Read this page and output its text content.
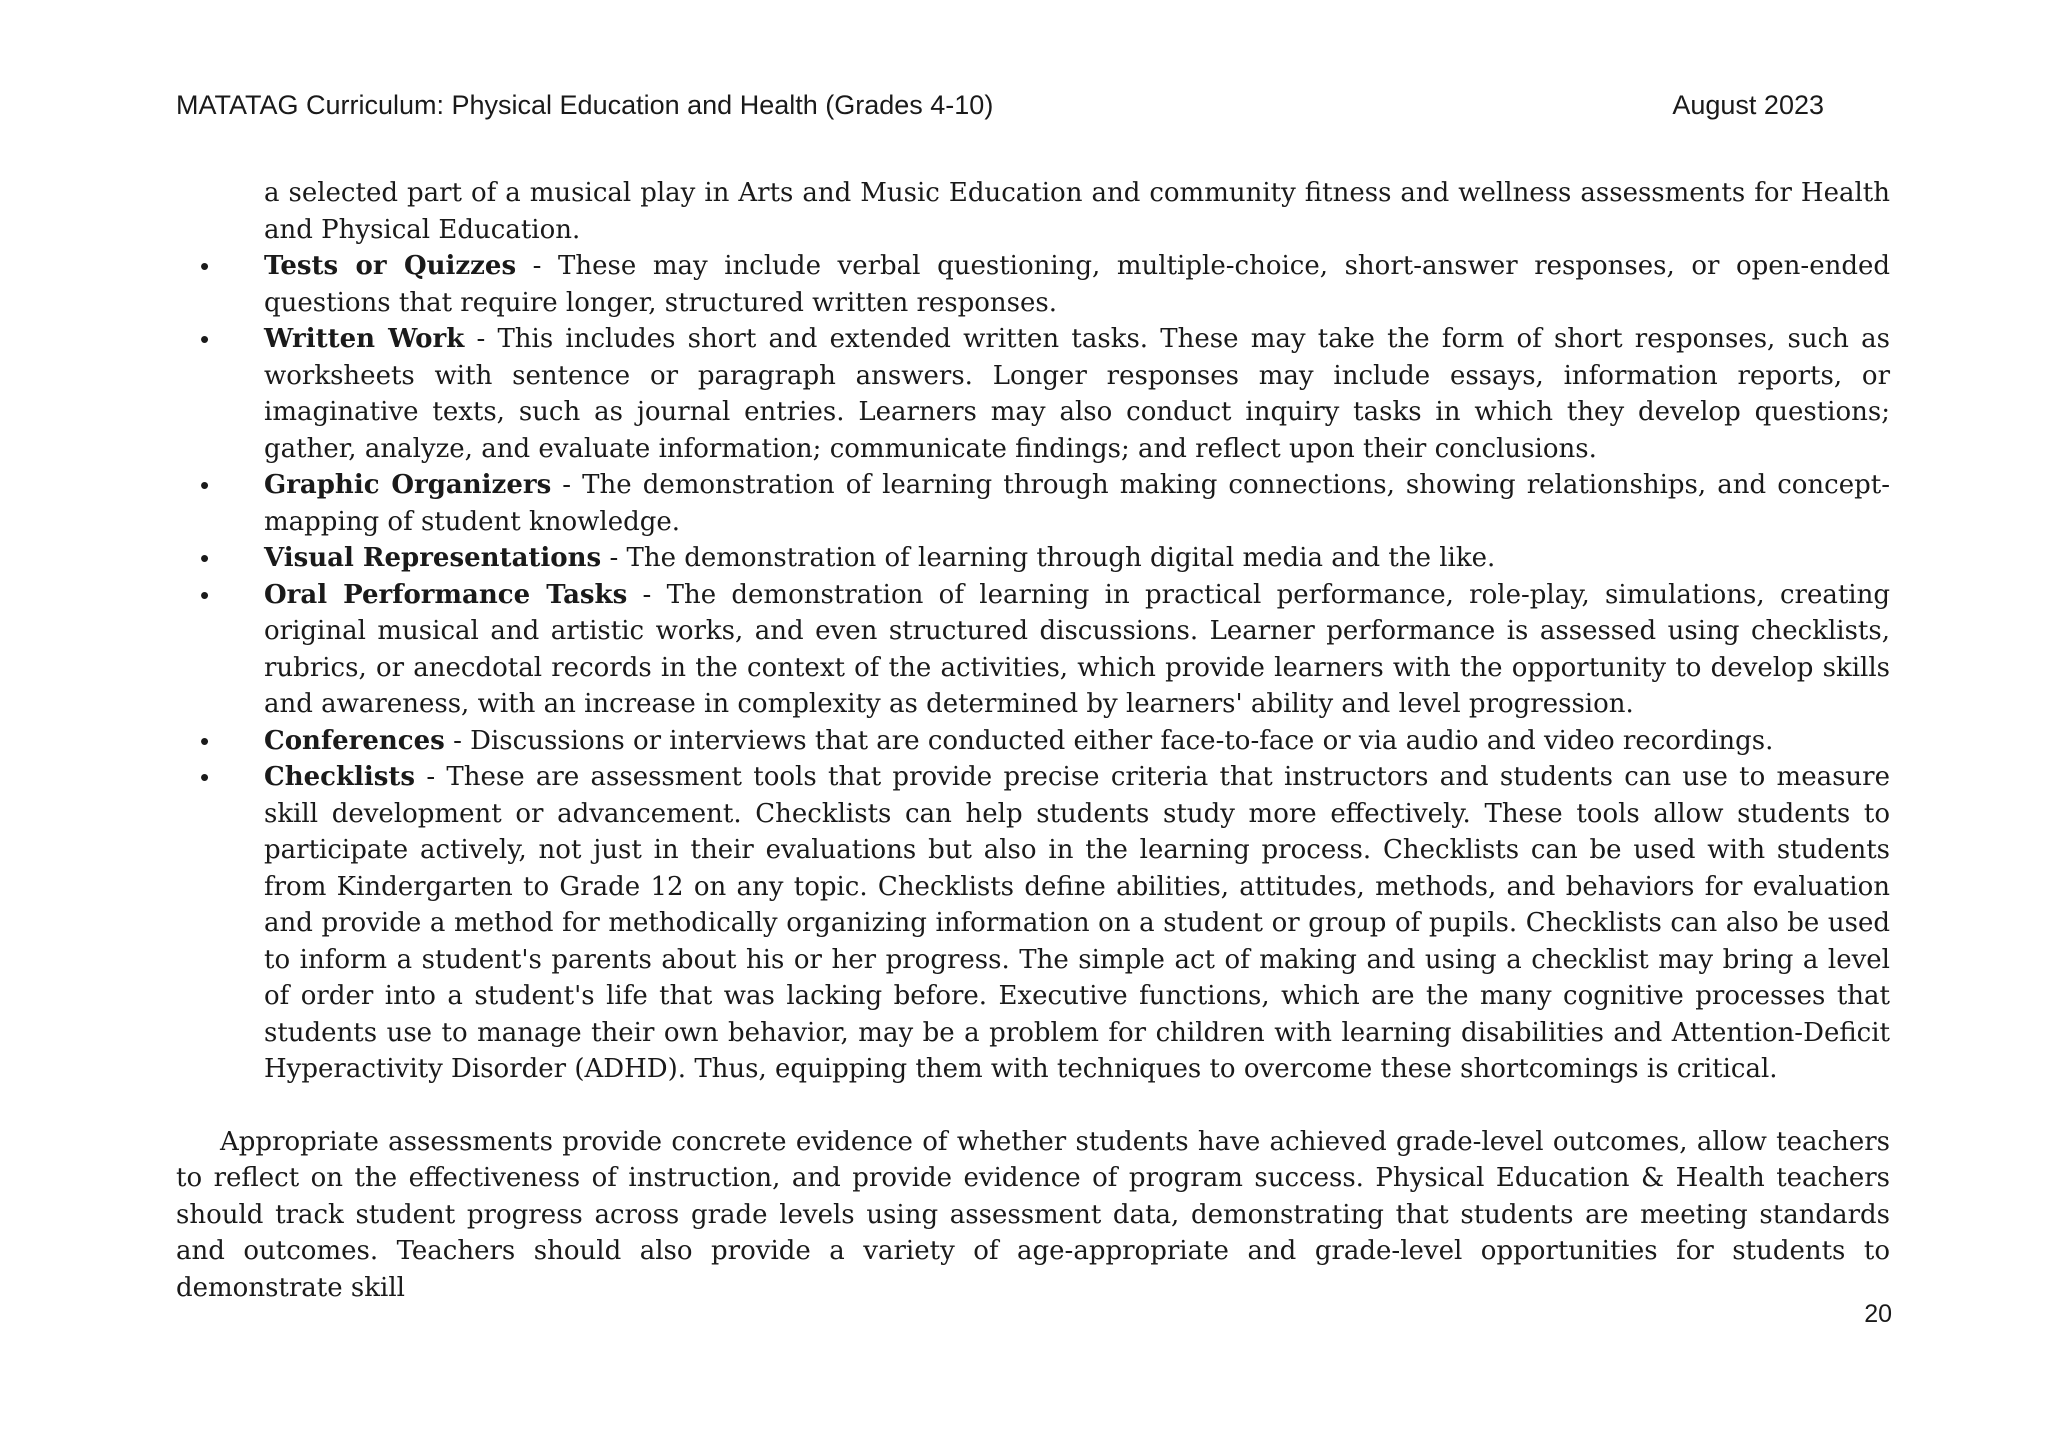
MATATAG Curriculum: Physical Education and Health (Grades 4-10)	August 2023

a selected part of a musical play in Arts and Music Education and community fitness and wellness assessments for Health and Physical Education.

• Tests or Quizzes - These may include verbal questioning, multiple-choice, short-answer responses, or open-ended questions that require longer, structured written responses.
• Written Work - This includes short and extended written tasks. These may take the form of short responses, such as worksheets with sentence or paragraph answers. Longer responses may include essays, information reports, or imaginative texts, such as journal entries. Learners may also conduct inquiry tasks in which they develop questions; gather, analyze, and evaluate information; communicate findings; and reflect upon their conclusions.
• Graphic Organizers - The demonstration of learning through making connections, showing relationships, and concept-mapping of student knowledge.
• Visual Representations - The demonstration of learning through digital media and the like.
• Oral Performance Tasks - The demonstration of learning in practical performance, role-play, simulations, creating original musical and artistic works, and even structured discussions. Learner performance is assessed using checklists, rubrics, or anecdotal records in the context of the activities, which provide learners with the opportunity to develop skills and awareness, with an increase in complexity as determined by learners' ability and level progression.
• Conferences - Discussions or interviews that are conducted either face-to-face or via audio and video recordings.
• Checklists - These are assessment tools that provide precise criteria that instructors and students can use to measure skill development or advancement. Checklists can help students study more effectively. These tools allow students to participate actively, not just in their evaluations but also in the learning process. Checklists can be used with students from Kindergarten to Grade 12 on any topic. Checklists define abilities, attitudes, methods, and behaviors for evaluation and provide a method for methodically organizing information on a student or group of pupils. Checklists can also be used to inform a student's parents about his or her progress. The simple act of making and using a checklist may bring a level of order into a student's life that was lacking before. Executive functions, which are the many cognitive processes that students use to manage their own behavior, may be a problem for children with learning disabilities and Attention-Deficit Hyperactivity Disorder (ADHD). Thus, equipping them with techniques to overcome these shortcomings is critical.

Appropriate assessments provide concrete evidence of whether students have achieved grade-level outcomes, allow teachers to reflect on the effectiveness of instruction, and provide evidence of program success. Physical Education & Health teachers should track student progress across grade levels using assessment data, demonstrating that students are meeting standards and outcomes. Teachers should also provide a variety of age-appropriate and grade-level opportunities for students to demonstrate skill

20
